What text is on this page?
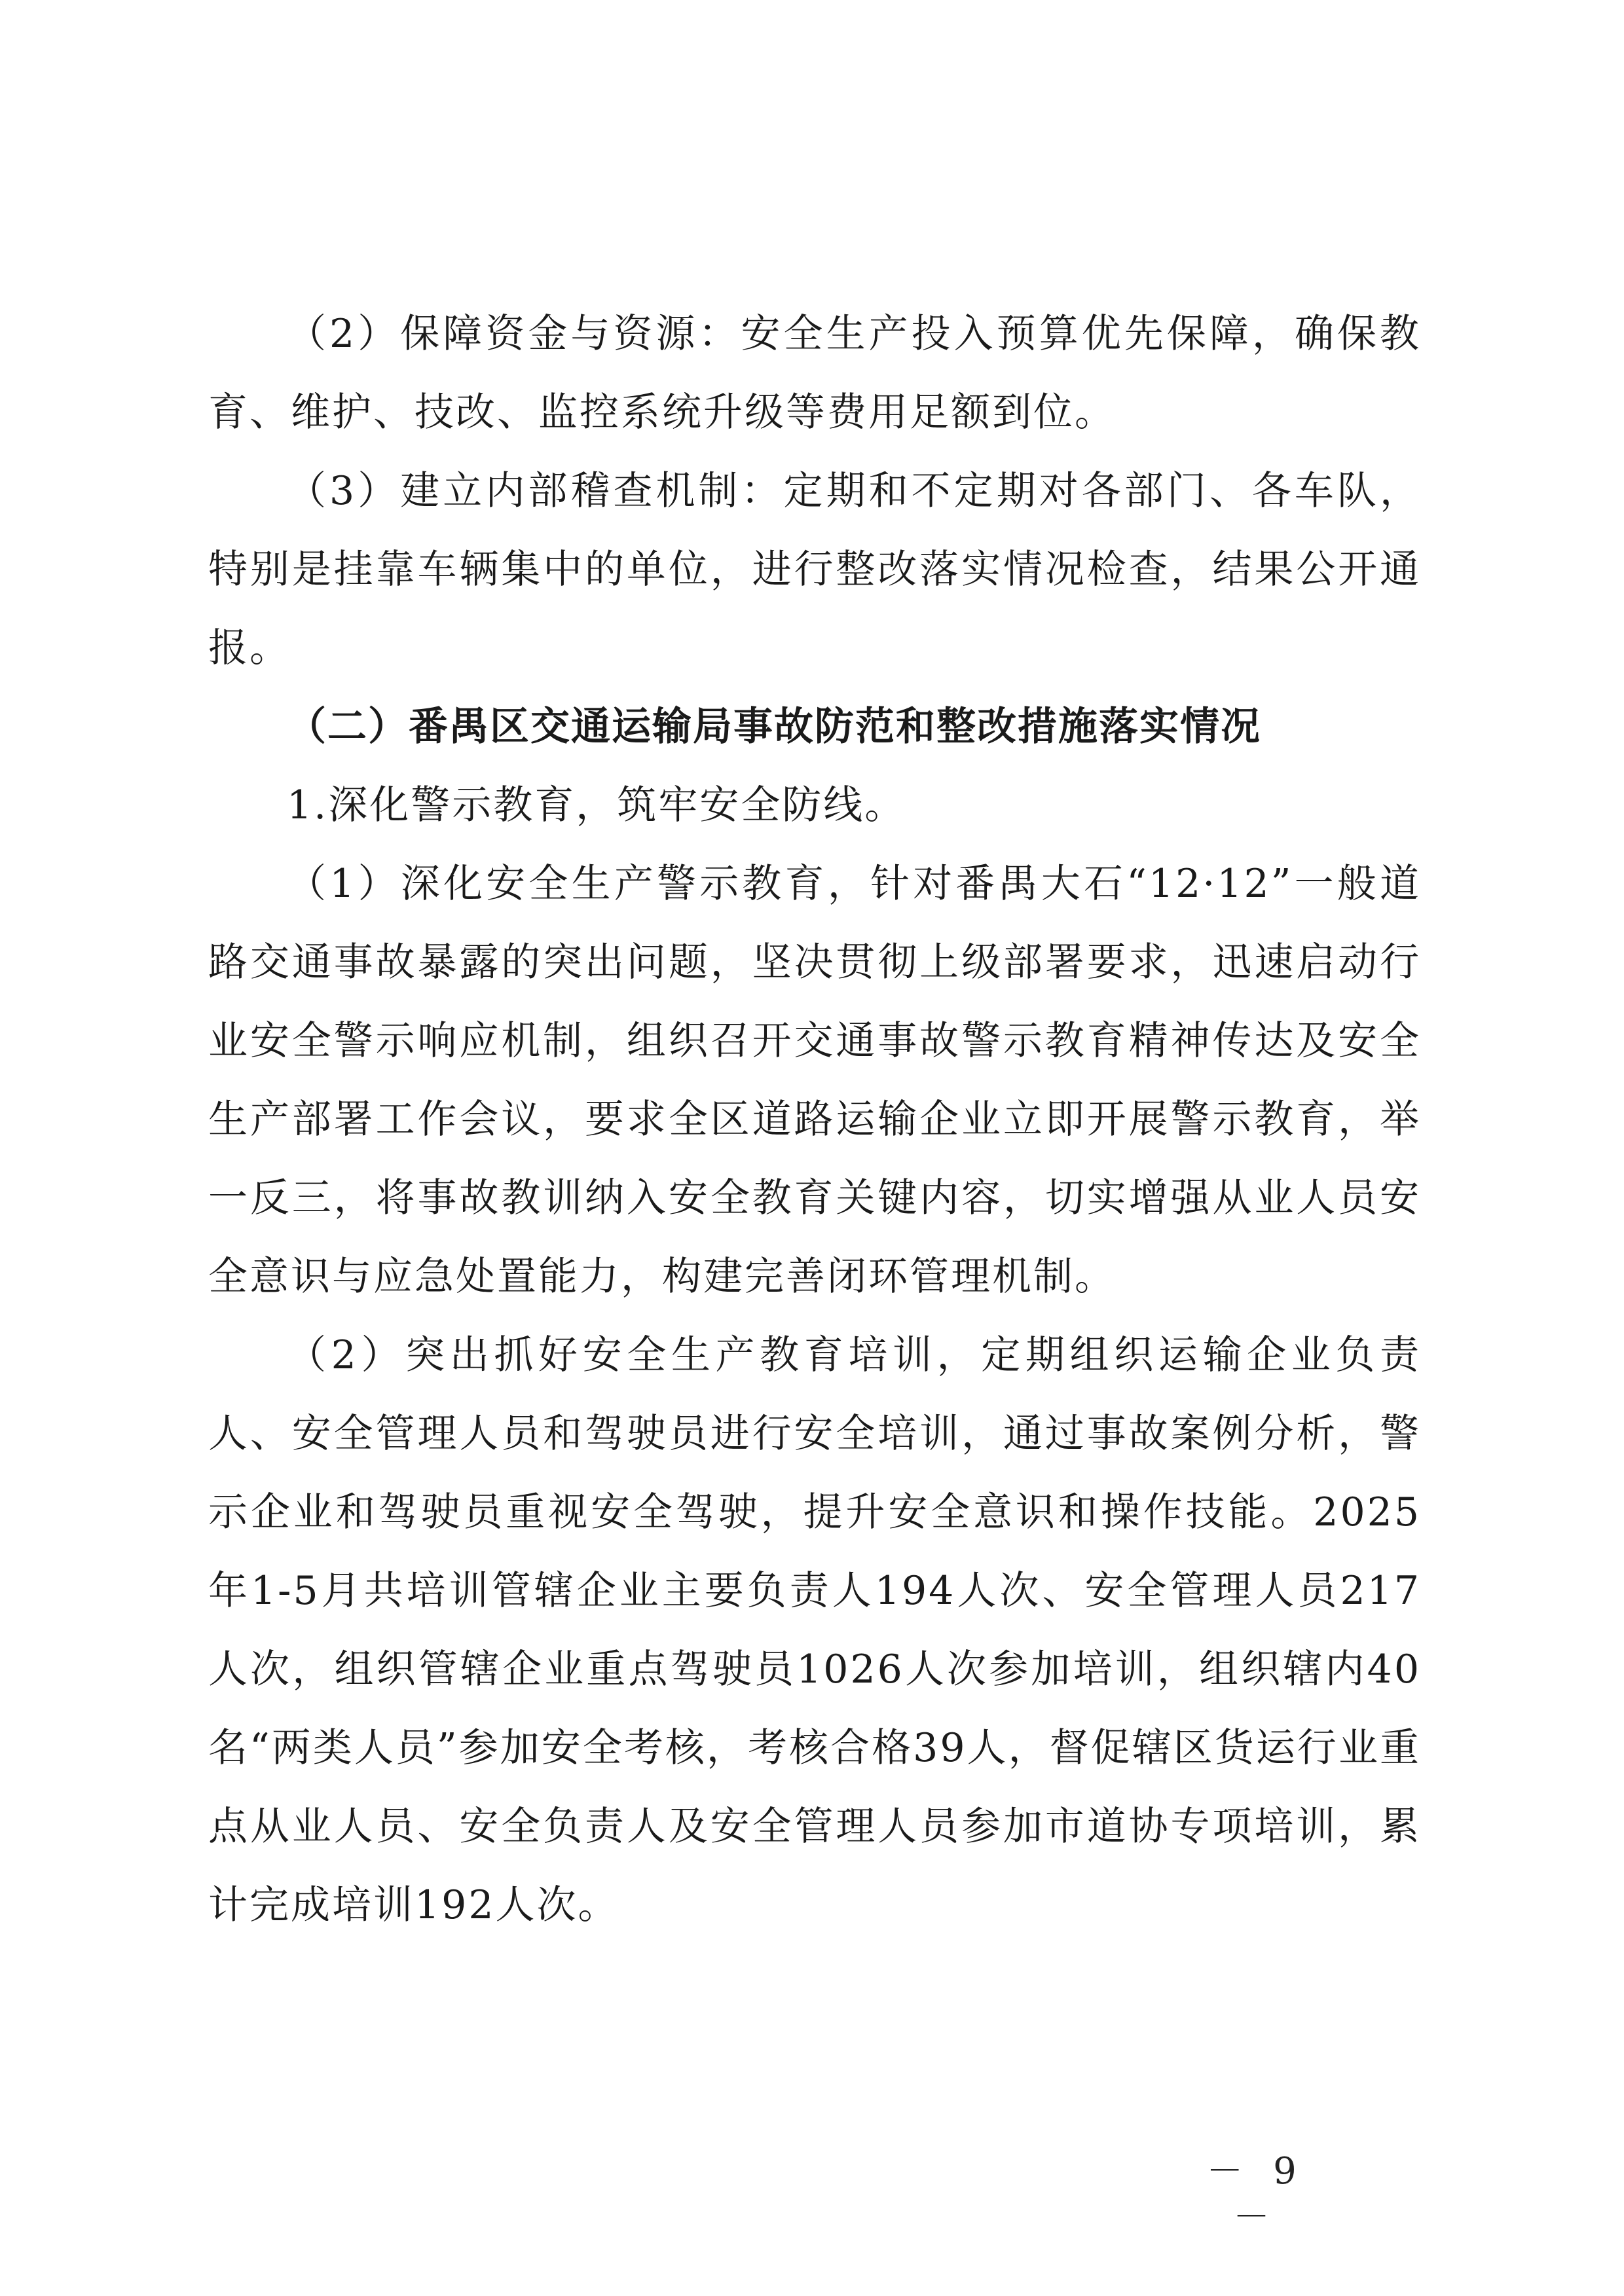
（2）保障资金与资源：安全生产投入预算优先保障，确保教育、维护、技改、监控系统升级等费用足额到位。

（3）建立内部稽查机制：定期和不定期对各部门、各车队，特别是挂靠车辆集中的单位，进行整改落实情况检查，结果公开通报。

（二）番禺区交通运输局事故防范和整改措施落实情况

1.深化警示教育，筑牢安全防线。

（1）深化安全生产警示教育，针对番禺大石“12·12”一般道路交通事故暴露的突出问题，坚决贯彻上级部署要求，迅速启动行业安全警示响应机制，组织召开交通事故警示教育精神传达及安全生产部署工作会议，要求全区道路运输企业立即开展警示教育，举一反三，将事故教训纳入安全教育关键内容，切实增强从业人员安全意识与应急处置能力，构建完善闭环管理机制。

（2）突出抓好安全生产教育培训，定期组织运输企业负责人、安全管理人员和驾驶员进行安全培训，通过事故案例分析，警示企业和驾驶员重视安全驾驶，提升安全意识和操作技能。2025年1-5月共培训管辖企业主要负责人194人次、安全管理人员217人次，组织管辖企业重点驾驶员1026人次参加培训，组织辖内40名“两类人员”参加安全考核，考核合格39人，督促辖区货运行业重点从业人员、安全负责人及安全管理人员参加市道协专项培训，累计完成培训192人次。

－ 9 －
